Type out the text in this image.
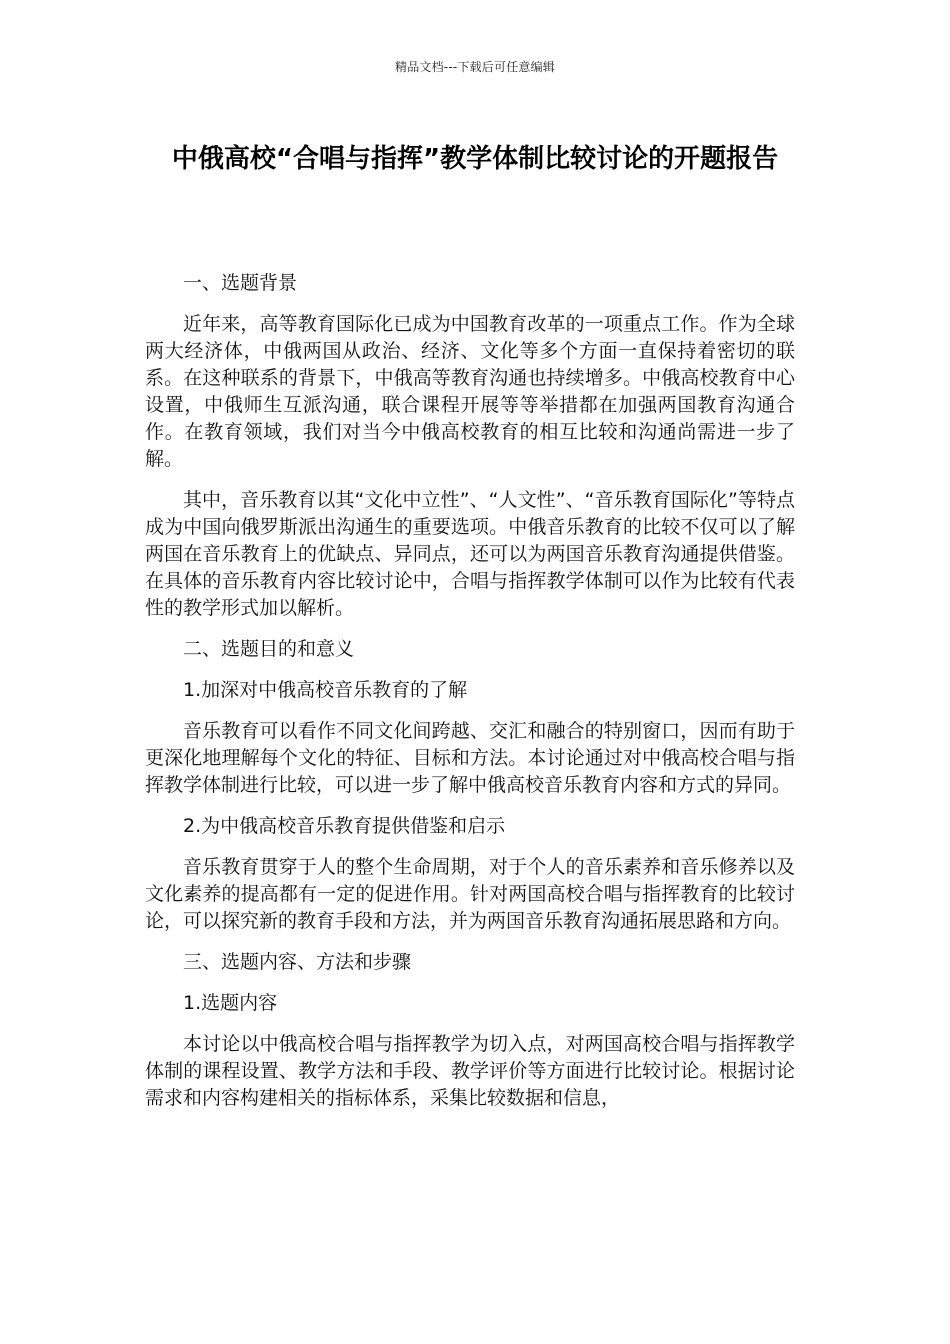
精品文档---下载后可任意编辑
中俄高校“合唱与指挥”教学体制比较讨论的开题报告

一、选题背景

近年来，高等教育国际化已成为中国教育改革的一项重点工作。作为全球两大经济体，中俄两国从政治、经济、文化等多个方面一直保持着密切的联系。在这种联系的背景下，中俄高等教育沟通也持续增多。中俄高校教育中心设置，中俄师生互派沟通，联合课程开展等等举措都在加强两国教育沟通合作。在教育领域，我们对当今中俄高校教育的相互比较和沟通尚需进一步了解。

其中，音乐教育以其“文化中立性”、“人文性”、“音乐教育国际化”等特点成为中国向俄罗斯派出沟通生的重要选项。中俄音乐教育的比较不仅可以了解两国在音乐教育上的优缺点、异同点，还可以为两国音乐教育沟通提供借鉴。在具体的音乐教育内容比较讨论中，合唱与指挥教学体制可以作为比较有代表性的教学形式加以解析。

二、选题目的和意义

1.加深对中俄高校音乐教育的了解

音乐教育可以看作不同文化间跨越、交汇和融合的特别窗口，因而有助于更深化地理解每个文化的特征、目标和方法。本讨论通过对中俄高校合唱与指挥教学体制进行比较，可以进一步了解中俄高校音乐教育内容和方式的异同。

2.为中俄高校音乐教育提供借鉴和启示

音乐教育贯穿于人的整个生命周期，对于个人的音乐素养和音乐修养以及文化素养的提高都有一定的促进作用。针对两国高校合唱与指挥教育的比较讨论，可以探究新的教育手段和方法，并为两国音乐教育沟通拓展思路和方向。

三、选题内容、方法和步骤

1.选题内容

本讨论以中俄高校合唱与指挥教学为切入点，对两国高校合唱与指挥教学体制的课程设置、教学方法和手段、教学评价等方面进行比较讨论。根据讨论需求和内容构建相关的指标体系，采集比较数据和信息，
